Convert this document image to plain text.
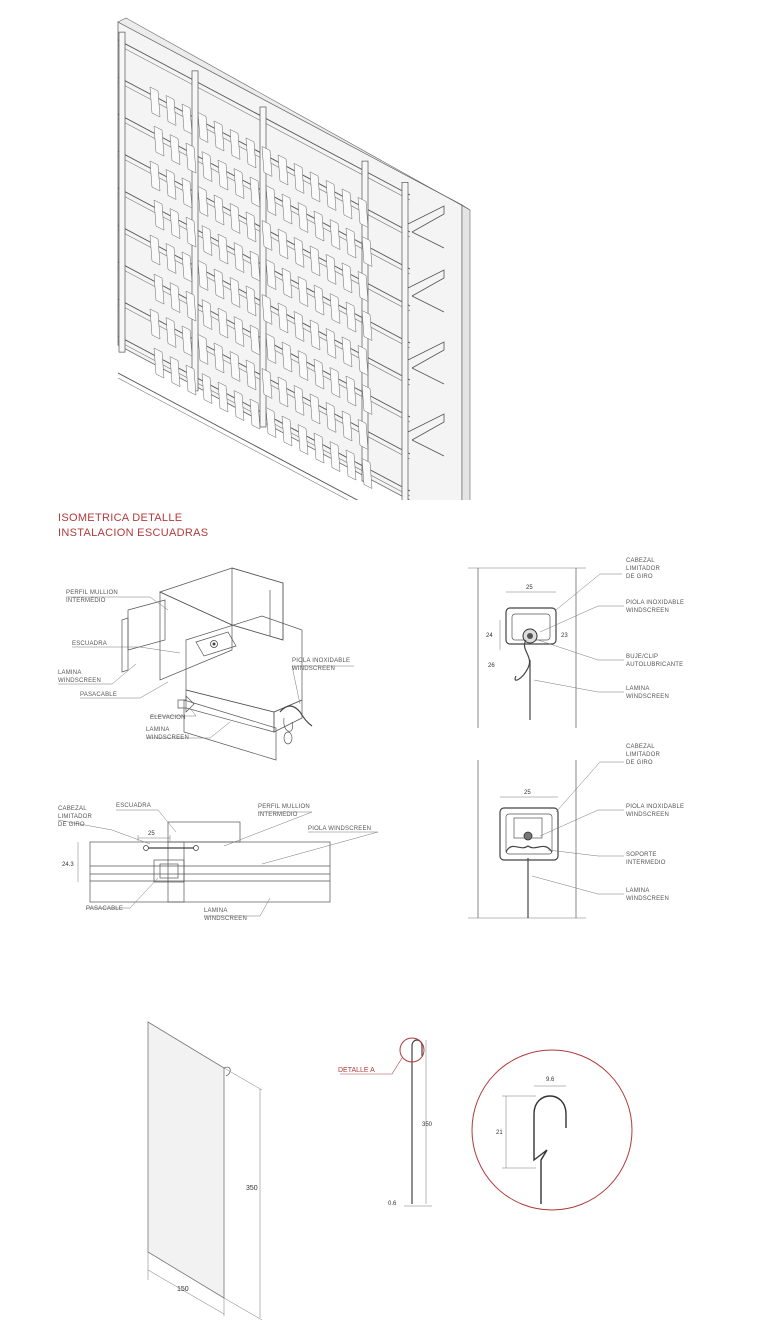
ISOMETRICA DETALLE
INSTALACION ESCUADRAS
PERFIL MULLION
INTERMEDIO
ESCUADRA
LAMINA
WINDSCREEN
PASACABLE
ELEVACION
LAMINA
WINDSCREEN
PIOLA INOXIDABLE
WINDSCREEN
25
24.3
CABEZAL
LIMITADOR
DE GIRO
ESCUADRA	PERFIL MULLION
INTERMEDIO
PIOLA WINDSCREEN
PASACABLE	LAMINA
WINDSCREEN
25
24	23
26
CABEZAL
LIMITADOR
DE GIRO
PIOLA INOXIDABLE
WINDSCREEN
BUJE/CLIP
AUTOLUBRICANTE
LAMINA
WINDSCREEN
25
CABEZAL
LIMITADOR
DE GIRO
PIOLA INOXIDABLE
WINDSCREEN
SOPORTE
INTERMEDIO
LAMINA
WINDSCREEN
350
150
DETALLE A
350
0.6
9.6
21
